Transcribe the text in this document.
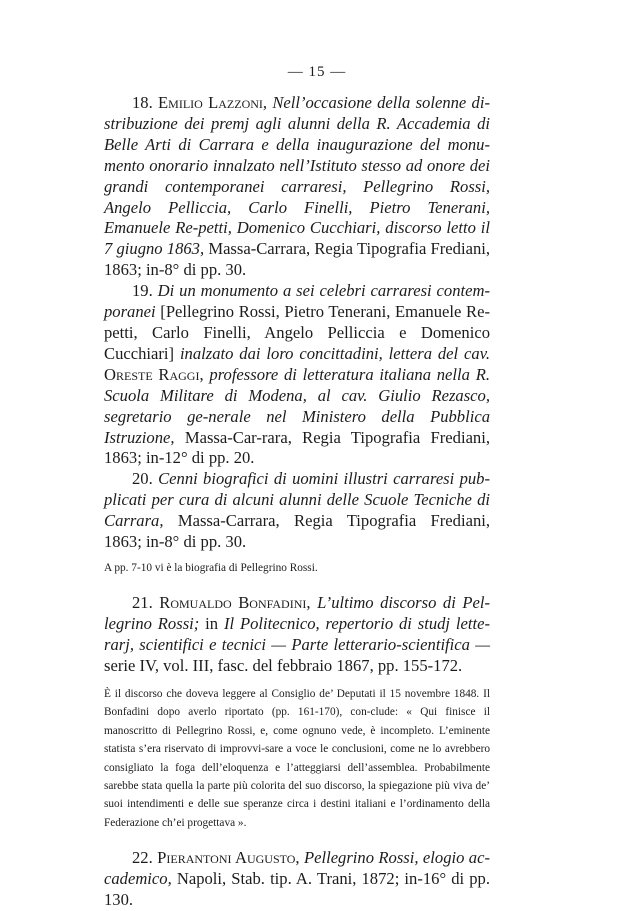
— 15 —

18. Emilio Lazzoni, Nell’occasione della solenne di-stribuzione dei premj agli alunni della R. Accademia di Belle Arti di Carrara e della inaugurazione del monu-mento onorario innalzato nell’Istituto stesso ad onore dei grandi contemporanei carraresi, Pellegrino Rossi, Angelo Pelliccia, Carlo Finelli, Pietro Tenerani, Emanuele Re-petti, Domenico Cucchiari, discorso letto il 7 giugno 1863, Massa-Carrara, Regia Tipografia Frediani, 1863; in-8° di pp. 30.

19. Di un monumento a sei celebri carraresi contem-poranei [Pellegrino Rossi, Pietro Tenerani, Emanuele Re-petti, Carlo Finelli, Angelo Pelliccia e Domenico Cucchiari] inalzato dai loro concittadini, lettera del cav. Oreste Raggi, professore di letteratura italiana nella R. Scuola Militare di Modena, al cav. Giulio Rezasco, segretario ge-nerale nel Ministero della Pubblica Istruzione, Massa-Car-rara, Regia Tipografia Frediani, 1863; in-12° di pp. 20.

20. Cenni biografici di uomini illustri carraresi pub-plicati per cura di alcuni alunni delle Scuole Tecniche di Carrara, Massa-Carrara, Regia Tipografia Frediani, 1863; in-8° di pp. 30.

A pp. 7-10 vi è la biografia di Pellegrino Rossi.

21. Romualdo Bonfadini, L’ultimo discorso di Pel-legrino Rossi; in Il Politecnico, repertorio di studj lette-rarj, scientifici e tecnici — Parte letterario-scientifica — serie IV, vol. III, fasc. del febbraio 1867, pp. 155-172.

È il discorso che doveva leggere al Consiglio de’ Deputati il 15 novembre 1848. Il Bonfadini dopo averlo riportato (pp. 161-170), con-clude: « Qui finisce il manoscritto di Pellegrino Rossi, e, come ognuno vede, è incompleto. L’eminente statista s’era riservato di improvvi-sare a voce le conclusioni, come ne lo avrebbero consigliato la foga dell’eloquenza e l’atteggiarsi dell’assemblea. Probabilmente sarebbe stata quella la parte più colorita del suo discorso, la spiegazione più viva de’ suoi intendimenti e delle sue speranze circa i destini italiani e l’ordinamento della Federazione ch’ei progettava ».

22. Pierantoni Augusto, Pellegrino Rossi, elogio ac-cademico, Napoli, Stab. tip. A. Trani, 1872; in-16° di pp. 130.
